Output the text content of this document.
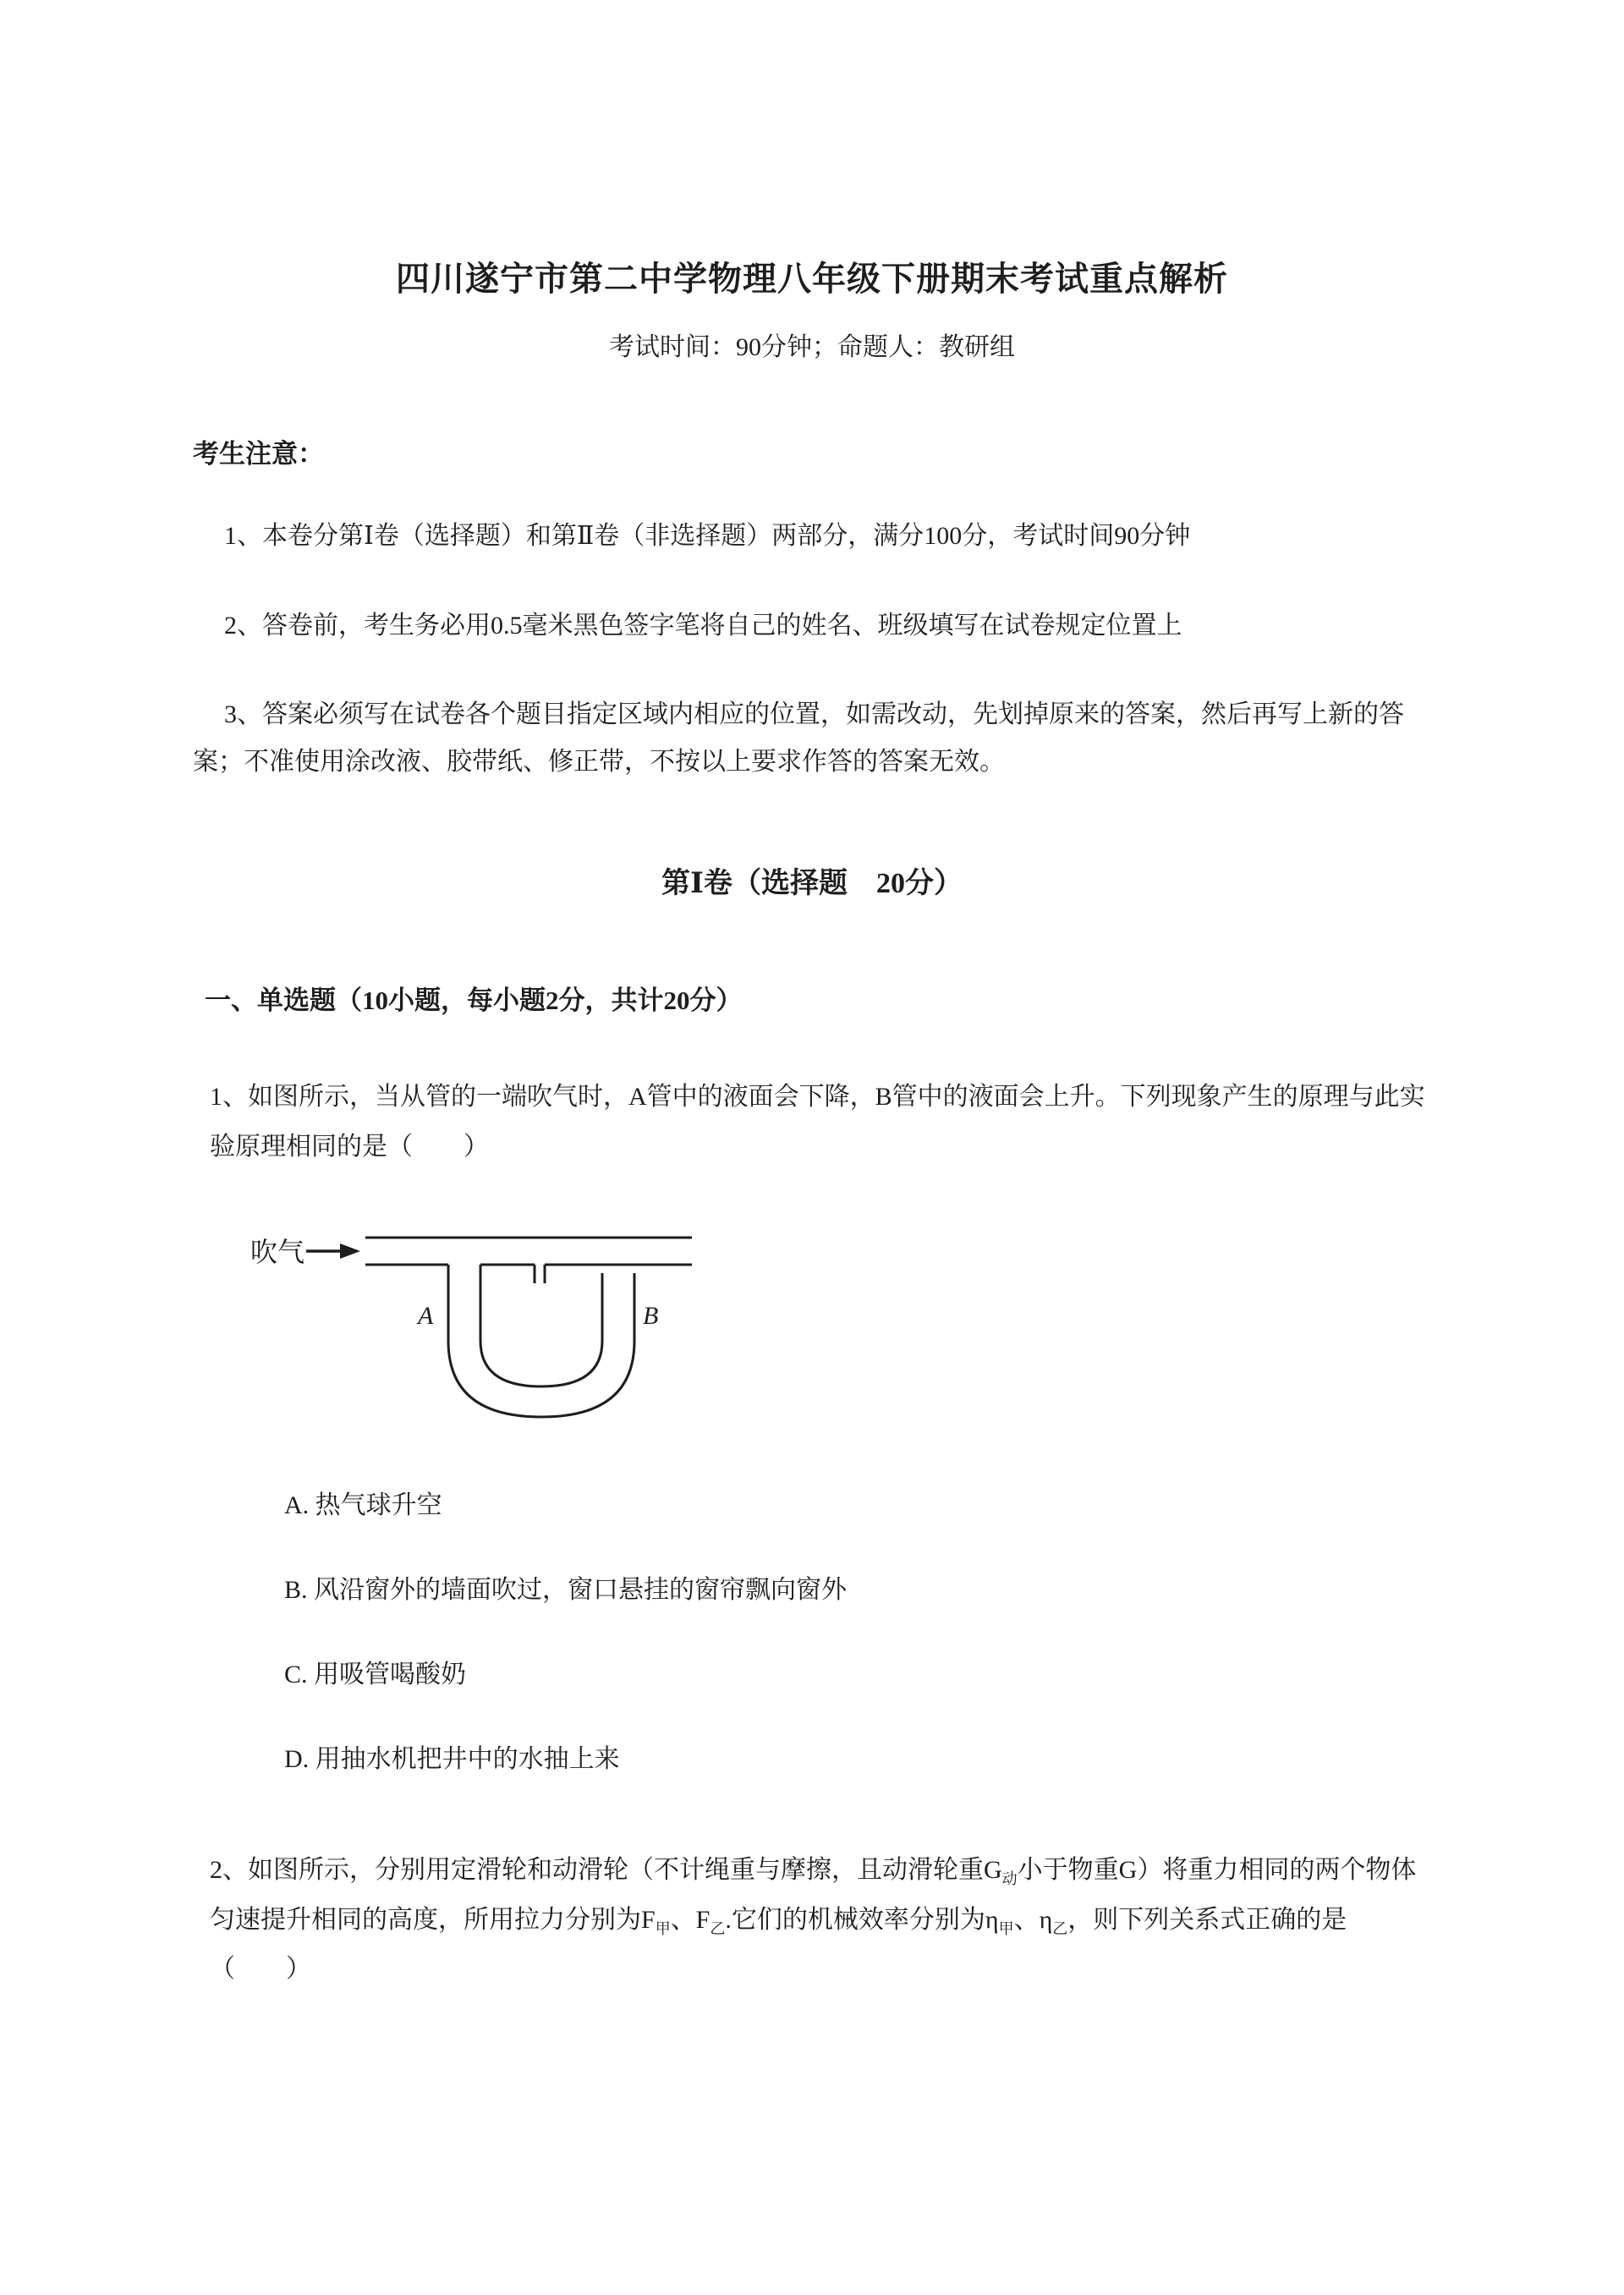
四川遂宁市第二中学物理八年级下册期末考试重点解析
考试时间：90分钟；命题人：教研组
考生注意：

1、本卷分第Ⅰ卷（选择题）和第Ⅱ卷（非选择题）两部分，满分100分，考试时间90分钟

2、答卷前，考生务必用0.5毫米黑色签字笔将自己的姓名、班级填写在试卷规定位置上

3、答案必须写在试卷各个题目指定区域内相应的位置，如需改动，先划掉原来的答案，然后再写上新的答案；不准使用涂改液、胶带纸、修正带，不按以上要求作答的答案无效。

第Ⅰ卷（选择题　20分）
一、单选题（10小题，每小题2分，共计20分）

1、如图所示，当从管的一端吹气时，A管中的液面会下降，B管中的液面会上升。下列现象产生的原理与此实验原理相同的是（　　）

吹气
A	B

A. 热气球升空

B. 风沿窗外的墙面吹过，窗口悬挂的窗帘飘向窗外

C. 用吸管喝酸奶

D. 用抽水机把井中的水抽上来

2、如图所示，分别用定滑轮和动滑轮（不计绳重与摩擦，且动滑轮重$G_动$小于物重G）将重力相同的两个物体匀速提升相同的高度，所用拉力分别为$F_甲$、$F_乙$.它们的机械效率分别为$\eta_甲$、$\eta_乙$，则下列关系式正确的是（　　）
